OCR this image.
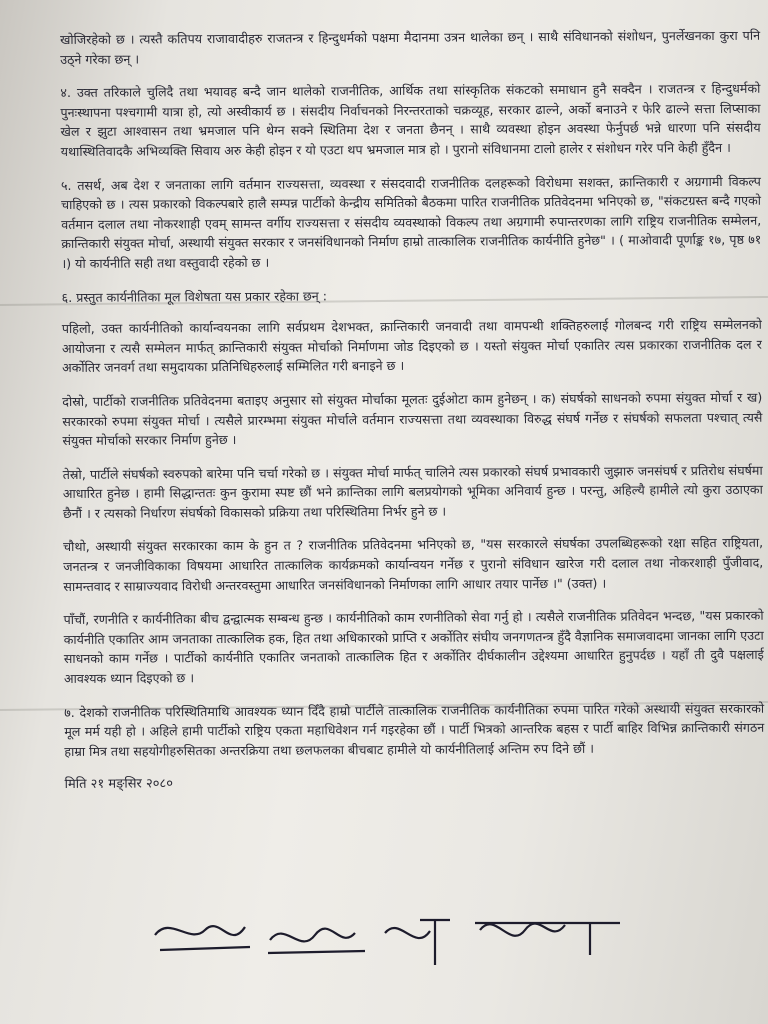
खोजिरहेको छ । त्यस्तै कतिपय राजावादीहरु राजतन्त्र र हिन्दुधर्मको पक्षमा मैदानमा उत्रन थालेका छन् । साथै संविधानको संशोधन, पुनर्लेखनका कुरा पनि उठ्ने गरेका छन् ।

४. उक्त तरिकाले चुलिदै तथा भयावह बन्दै जान थालेको राजनीतिक, आर्थिक तथा सांस्कृतिक संकटको समाधान हुनै सक्दैन । राजतन्त्र र हिन्दुधर्मको पुनःस्थापना पश्चगामी यात्रा हो, त्यो अस्वीकार्य छ । संसदीय निर्वाचनको निरन्तरताको चक्रव्यूह, सरकार ढाल्ने, अर्को बनाउने र फेरि ढाल्ने सत्ता लिप्साका खेल र झुटा आश्वासन तथा भ्रमजाल पनि थेग्न सक्ने स्थितिमा देश र जनता छैनन् । साथै व्यवस्था होइन अवस्था फेर्नुपर्छ भन्ने धारणा पनि संसदीय यथास्थितिवादकै अभिव्यक्ति सिवाय अरु केही होइन र यो एउटा थप भ्रमजाल मात्र हो । पुरानो संविधानमा टालो हालेर र संशोधन गरेर पनि केही हुँदैन ।

५. तसर्थ, अब देश र जनताका लागि वर्तमान राज्यसत्ता, व्यवस्था र संसदवादी राजनीतिक दलहरूको विरोधमा सशक्त, क्रान्तिकारी र अग्रगामी विकल्प चाहिएको छ । त्यस प्रकारको विकल्पबारे हालै सम्पन्न पार्टीको केन्द्रीय समितिको बैठकमा पारित राजनीतिक प्रतिवेदनमा भनिएको छ, "संकटग्रस्त बन्दै गएको वर्तमान दलाल तथा नोकरशाही एवम् सामन्त वर्गीय राज्यसत्ता र संसदीय व्यवस्थाको विकल्प तथा अग्रगामी रुपान्तरणका लागि राष्ट्रिय राजनीतिक सम्मेलन, क्रान्तिकारी संयुक्त मोर्चा, अस्थायी संयुक्त सरकार र जनसंविधानको निर्माण हाम्रो तात्कालिक राजनीतिक कार्यनीति हुनेछ" । ( माओवादी पूर्णाङ्क १७, पृष्ठ ७१ ।) यो कार्यनीति सही तथा वस्तुवादी रहेको छ ।

६. प्रस्तुत कार्यनीतिका मूल विशेषता यस प्रकार रहेका छन् :

पहिलो, उक्त कार्यनीतिको कार्यान्वयनका लागि सर्वप्रथम देशभक्त, क्रान्तिकारी जनवादी तथा वामपन्थी शक्तिहरुलाई गोलबन्द गरी राष्ट्रिय सम्मेलनको आयोजना र त्यसै सम्मेलन मार्फत् क्रान्तिकारी संयुक्त मोर्चाको निर्माणमा जोड दिइएको छ । यस्तो संयुक्त मोर्चा एकातिर त्यस प्रकारका राजनीतिक दल र अर्कोतिर जनवर्ग तथा समुदायका प्रतिनिधिहरुलाई सम्मिलित गरी बनाइने छ ।

दोस्रो, पार्टीको राजनीतिक प्रतिवेदनमा बताइए अनुसार सो संयुक्त मोर्चाका मूलतः दुईओटा काम हुनेछन् । क) संघर्षको साधनको रुपमा संयुक्त मोर्चा र ख) सरकारको रुपमा संयुक्त मोर्चा । त्यसैले प्रारम्भमा संयुक्त मोर्चाले वर्तमान राज्यसत्ता तथा व्यवस्थाका विरुद्ध संघर्ष गर्नेछ र संघर्षको सफलता पश्चात् त्यसै संयुक्त मोर्चाको सरकार निर्माण हुनेछ ।

तेस्रो, पार्टीले संघर्षको स्वरुपको बारेमा पनि चर्चा गरेको छ । संयुक्त मोर्चा मार्फत् चालिने त्यस प्रकारको संघर्ष प्रभावकारी जुझारु जनसंघर्ष र प्रतिरोध संघर्षमा आधारित हुनेछ । हामी सिद्धान्ततः कुन कुरामा स्पष्ट छौं भने क्रान्तिका लागि बलप्रयोगको भूमिका अनिवार्य हुन्छ । परन्तु, अहिल्यै हामीले त्यो कुरा उठाएका छैनौं । र त्यसको निर्धारण संघर्षको विकासको प्रक्रिया तथा परिस्थितिमा निर्भर हुने छ ।

चौथो, अस्थायी संयुक्त सरकारका काम के हुन त ? राजनीतिक प्रतिवेदनमा भनिएको छ, "यस सरकारले संघर्षका उपलब्धिहरूको रक्षा सहित राष्ट्रियता, जनतन्त्र र जनजीविकाका विषयमा आधारित तात्कालिक कार्यक्रमको कार्यान्वयन गर्नेछ र पुरानो संविधान खारेज गरी दलाल तथा नोकरशाही पुँजीवाद, सामन्तवाद र साम्राज्यवाद विरोधी अन्तरवस्तुमा आधारित जनसंविधानको निर्माणका लागि आधार तयार पार्नेछ ।" (उक्त) ।

पाँचौं, रणनीति र कार्यनीतिका बीच द्वन्द्वात्मक सम्बन्ध हुन्छ । कार्यनीतिको काम रणनीतिको सेवा गर्नु हो । त्यसैले राजनीतिक प्रतिवेदन भन्दछ, "यस प्रकारको कार्यनीति एकातिर आम जनताका तात्कालिक हक, हित तथा अधिकारको प्राप्ति र अर्कोतिर संघीय जनगणतन्त्र हुँदै वैज्ञानिक समाजवादमा जानका लागि एउटा साधनको काम गर्नेछ । पार्टीको कार्यनीति एकातिर जनताको तात्कालिक हित र अर्कोतिर दीर्घकालीन उद्देश्यमा आधारित हुनुपर्दछ । यहाँ ती दुवै पक्षलाई आवश्यक ध्यान दिइएको छ ।

७. देशको राजनीतिक परिस्थितिमाथि आवश्यक ध्यान दिँदै हाम्रो पार्टीले तात्कालिक राजनीतिक कार्यनीतिका रुपमा पारित गरेको अस्थायी संयुक्त सरकारको मूल मर्म यही हो । अहिले हामी पार्टीको राष्ट्रिय एकता महाधिवेशन गर्न गइरहेका छौं । पार्टी भित्रको आन्तरिक बहस र पार्टी बाहिर विभिन्न क्रान्तिकारी संगठन हाम्रा मित्र तथा सहयोगीहरुसितका अन्तरक्रिया तथा छलफलका बीचबाट हामीले यो कार्यनीतिलाई अन्तिम रुप दिने छौं ।

मिति २१ मङ्सिर २०८०
